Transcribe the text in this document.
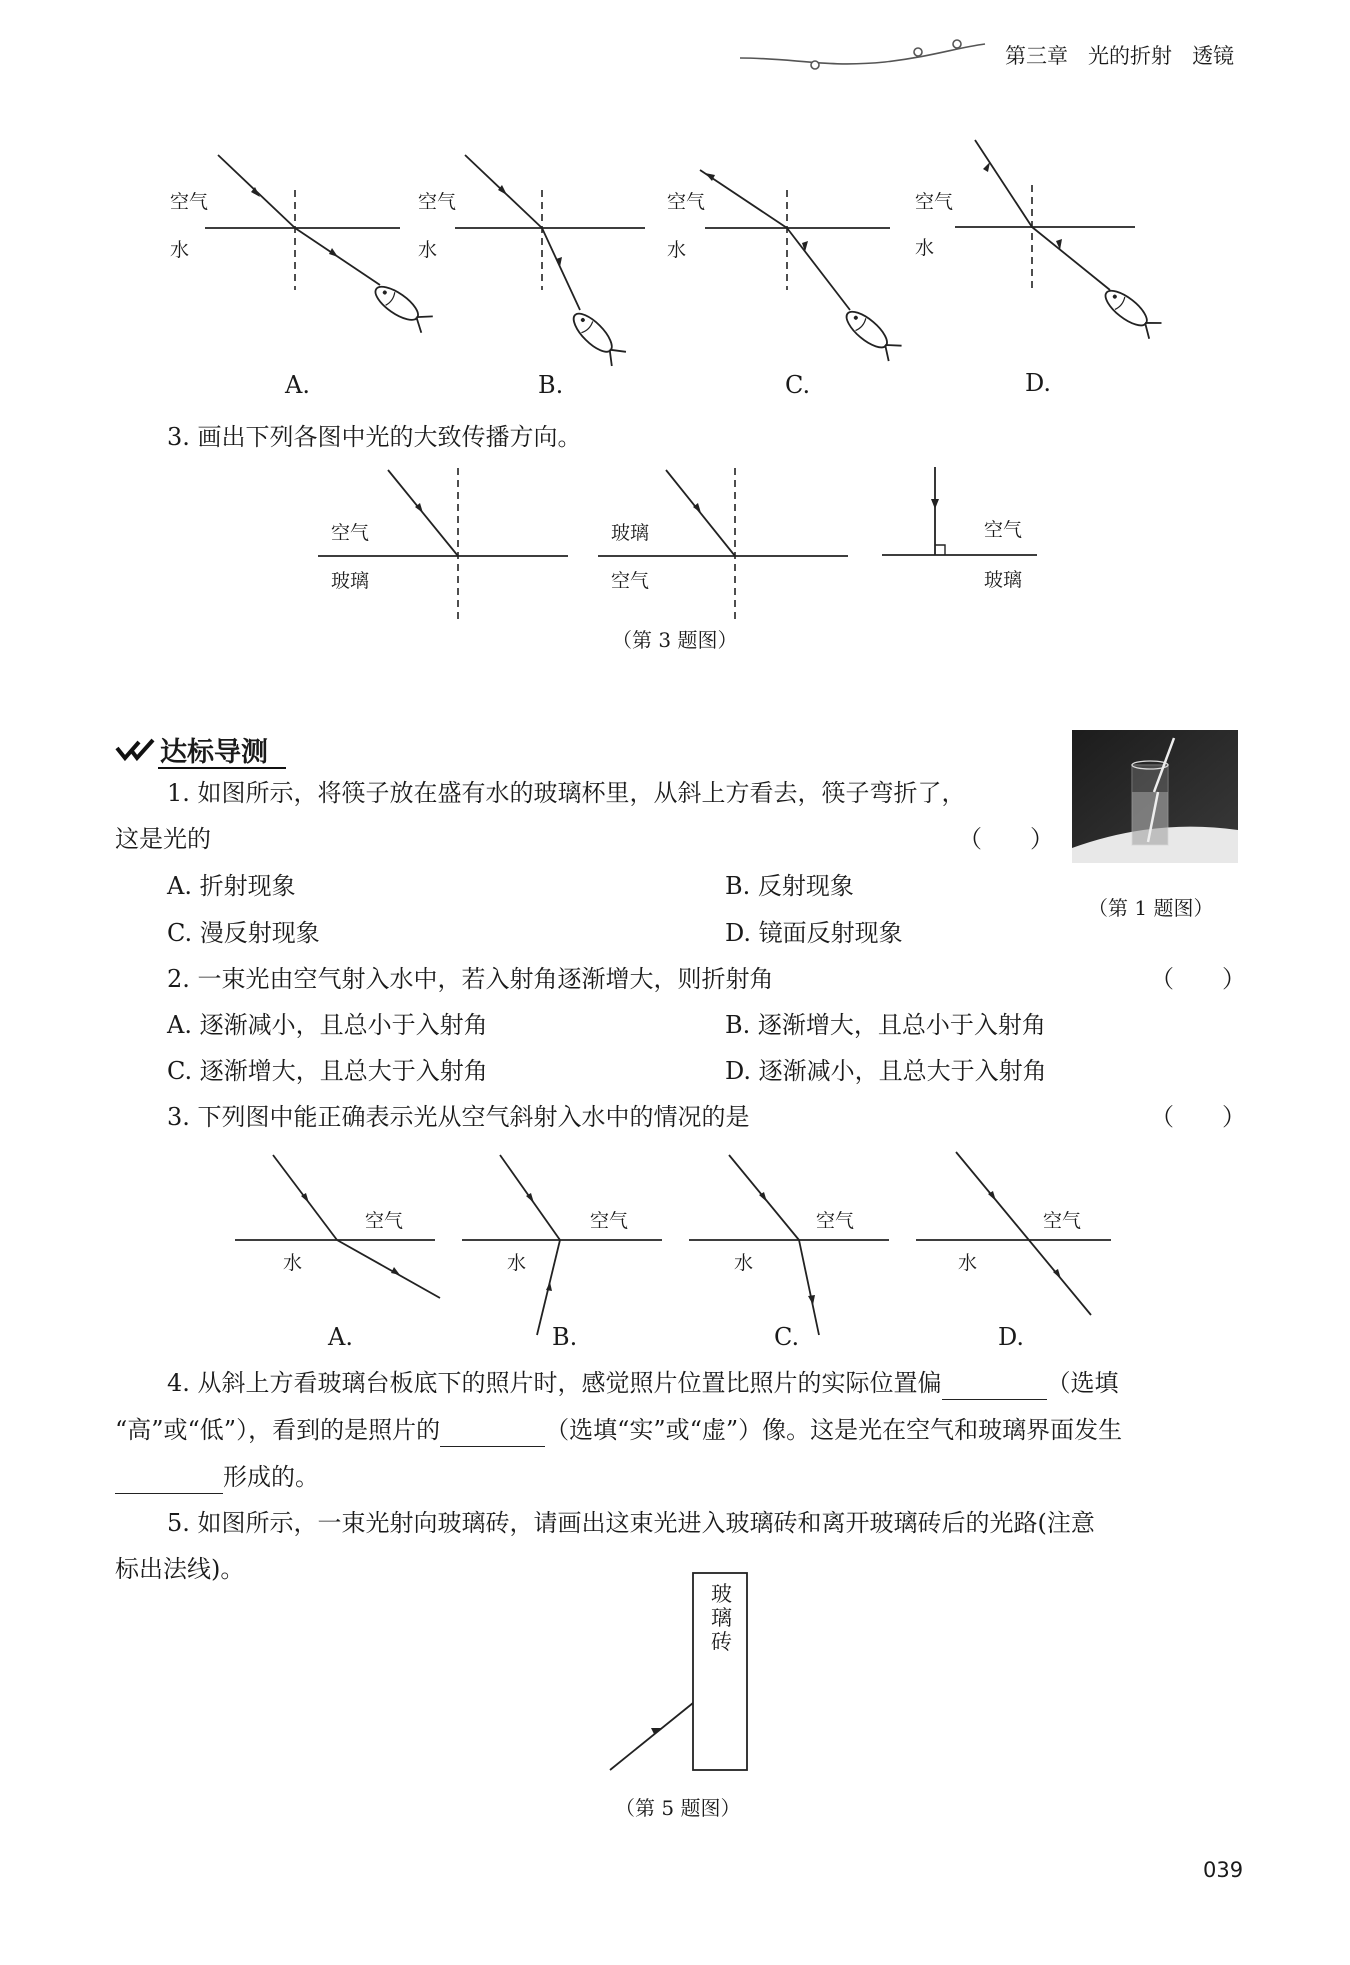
第三章 光的折射 透镜
空气
水
A.
空气
水
B.
空气
水
C.
空气
水
D.
3. 画出下列各图中光的大致传播方向。
空气
玻璃
玻璃
空气
空气
玻璃
（第 3 题图）
达标导测
（第 1 题图）
1. 如图所示，将筷子放在盛有水的玻璃杯里，从斜上方看去，筷子弯折了，
这是光的	（　　）
A. 折射现象	B. 反射现象
C. 漫反射现象	D. 镜面反射现象
2. 一束光由空气射入水中，若入射角逐渐增大，则折射角	（　　）
A. 逐渐减小，且总小于入射角	B. 逐渐增大，且总小于入射角
C. 逐渐增大，且总大于入射角	D. 逐渐减小，且总大于入射角
3. 下列图中能正确表示光从空气斜射入水中的情况的是	（　　）
空气
水
A.
空气
水
B.
空气
水
C.
空气
水
D.
4. 从斜上方看玻璃台板底下的照片时，感觉照片位置比照片的实际位置偏	（选填
“高”或“低”），看到的是照片的	（选填“实”或“虚”）像。这是光在空气和玻璃界面发生
形成的。
5. 如图所示，一束光射向玻璃砖，请画出这束光进入玻璃砖和离开玻璃砖后的光路(注意
标出法线)。
玻
璃
砖
（第 5 题图）
039
